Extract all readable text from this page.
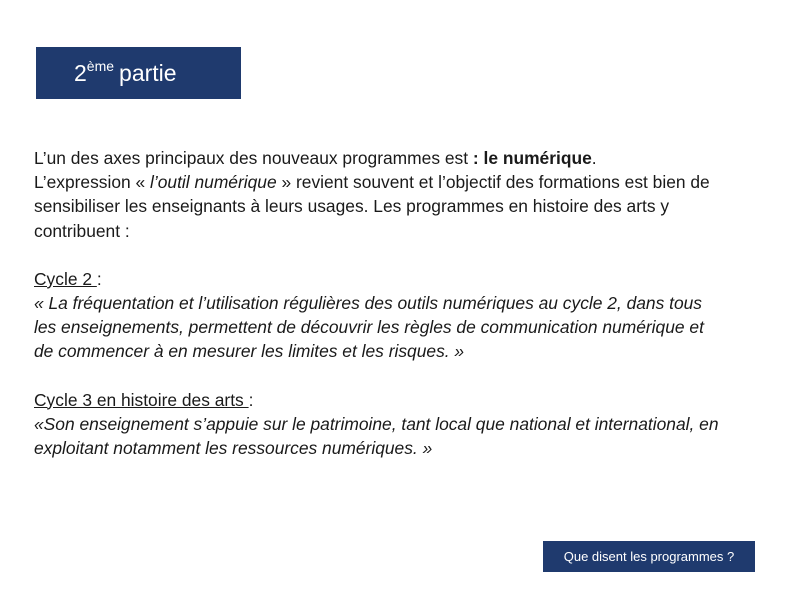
2ème partie

L’un des axes principaux des nouveaux programmes est : le numérique.
L’expression « l’outil numérique » revient souvent et l’objectif des formations est bien de sensibiliser les enseignants à leurs usages. Les programmes en histoire des arts y contribuent :

Cycle 2 :
« La fréquentation et l’utilisation régulières des outils numériques au cycle 2, dans tous les enseignements, permettent de découvrir les règles de communication numérique et de commencer à en mesurer les limites et les risques. »

Cycle 3 en histoire des arts :
«Son enseignement s’appuie sur le patrimoine, tant local que national et international, en exploitant notamment les ressources numériques. »

Que disent les programmes ?
